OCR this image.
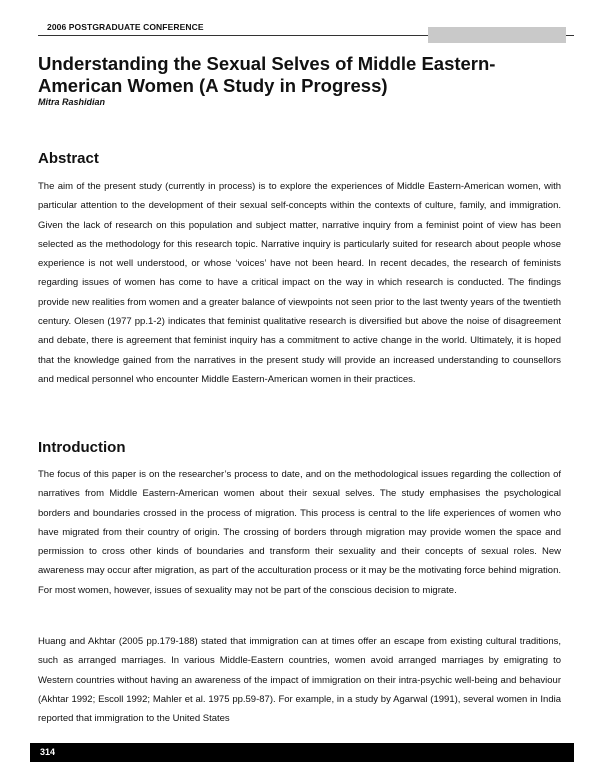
2006 POSTGRADUATE CONFERENCE
Understanding the Sexual Selves of Middle Eastern-American Women (A Study in Progress)
Mitra Rashidian
Abstract

The aim of the present study (currently in process) is to explore the experiences of Middle Eastern-American women, with particular attention to the development of their sexual self-concepts within the contexts of culture, family, and immigration. Given the lack of research on this population and subject matter, narrative inquiry from a feminist point of view has been selected as the methodology for this research topic. Narrative inquiry is particularly suited for research about people whose experience is not well understood, or whose ‘voices’ have not been heard. In recent decades, the research of feminists regarding issues of women has come to have a critical impact on the way in which research is conducted. The findings provide new realities from women and a greater balance of viewpoints not seen prior to the last twenty years of the twentieth century. Olesen (1977 pp.1-2) indicates that feminist qualitative research is diversified but above the noise of disagreement and debate, there is agreement that feminist inquiry has a commitment to active change in the world. Ultimately, it is hoped that the knowledge gained from the narratives in the present study will provide an increased understanding to counsellors and medical personnel who encounter Middle Eastern-American women in their practices.

Introduction

The focus of this paper is on the researcher’s process to date, and on the methodological issues regarding the collection of narratives from Middle Eastern-American women about their sexual selves. The study emphasises the psychological borders and boundaries crossed in the process of migration. This process is central to the life experiences of women who have migrated from their country of origin. The crossing of borders through migration may provide women the space and permission to cross other kinds of boundaries and transform their sexuality and their concepts of sexual roles. New awareness may occur after migration, as part of the acculturation process or it may be the motivating force behind migration. For most women, however, issues of sexuality may not be part of the conscious decision to migrate.

Huang and Akhtar (2005 pp.179-188) stated that immigration can at times offer an escape from existing cultural traditions, such as arranged marriages. In various Middle-Eastern countries, women avoid arranged marriages by emigrating to Western countries without having an awareness of the impact of immigration on their intra-psychic well-being and behaviour (Akhtar 1992; Escoll 1992; Mahler et al. 1975 pp.59-87). For example, in a study by Agarwal (1991), several women in India reported that immigration to the United States

314
